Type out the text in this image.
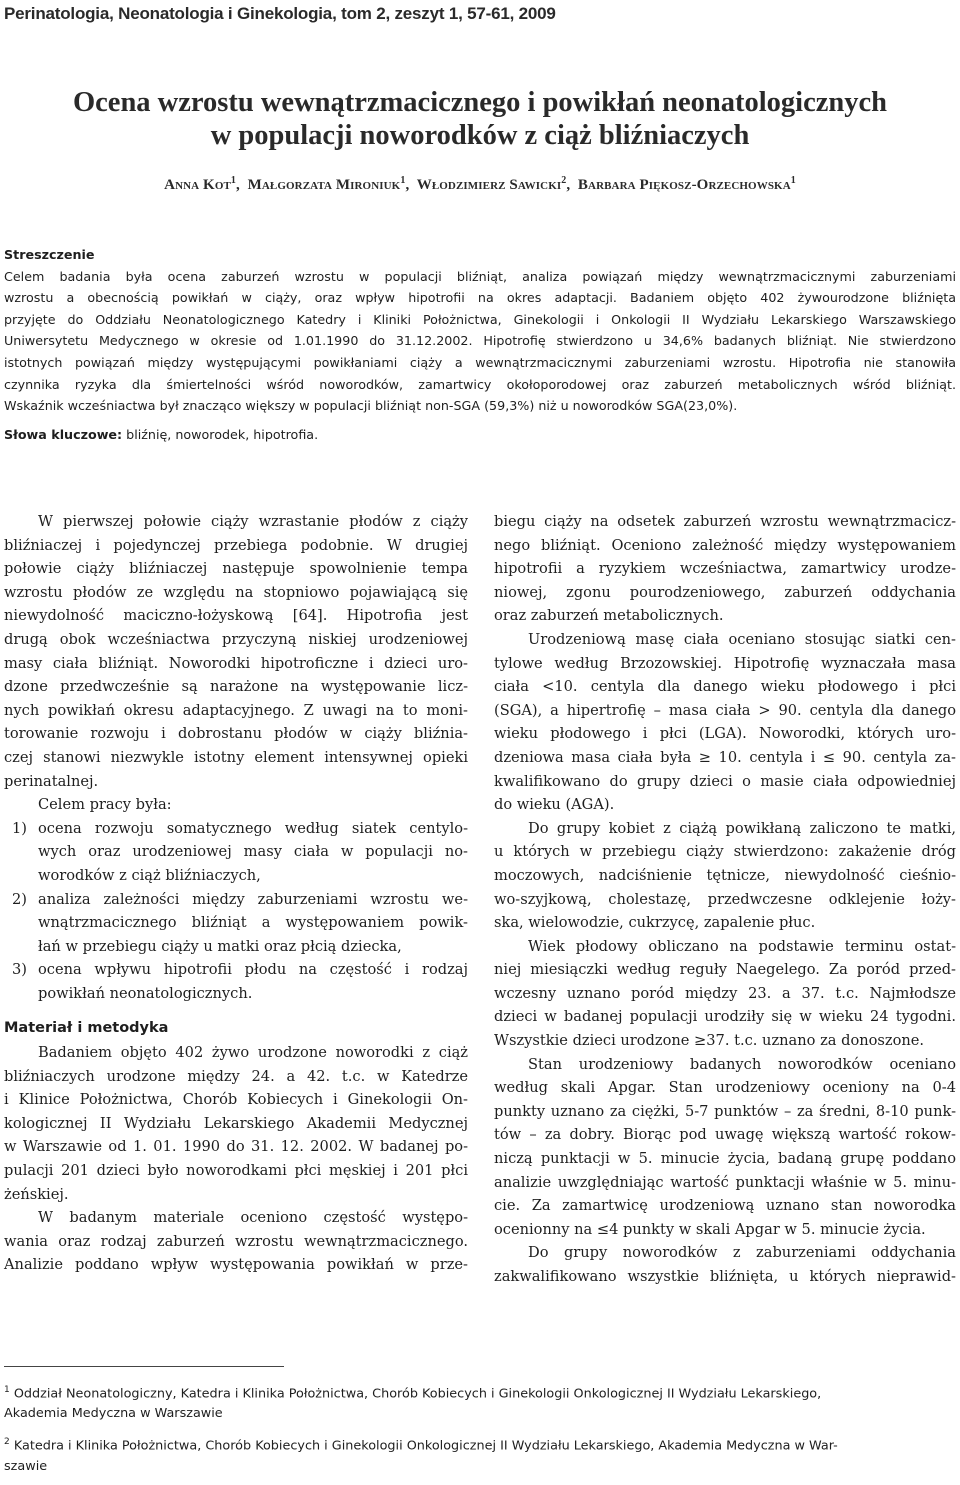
Perinatologia, Neonatologia i Ginekologia, tom 2, zeszyt 1, 57-61, 2009
Ocena wzrostu wewnątrzmacicznego i powikłań neonatologicznych
w populacji noworodków z ciąż bliźniaczych
Anna Kot$^1$,  Małgorzata Mironiuk$^1$,  Włodzimierz Sawicki$^2$,  Barbara Piękosz-Orzechowska$^1$
Streszczenie
Celem badania była ocena zaburzeń wzrostu w populacji bliźniąt, analiza powiązań między wewnątrzmacicznymi zaburzeniami
wzrostu a obecnością powikłań w ciąży, oraz wpływ hipotrofii na okres adaptacji. Badaniem objęto 402 żywourodzone bliźnięta
przyjęte do Oddziału Neonatologicznego Katedry i Kliniki Położnictwa, Ginekologii i Onkologii II Wydziału Lekarskiego Warszawskiego
Uniwersytetu Medycznego w okresie od 1.01.1990 do 31.12.2002. Hipotrofię stwierdzono u 34,6% badanych bliźniąt. Nie stwierdzono
istotnych powiązań między występującymi powikłaniami ciąży a wewnątrzmacicznymi zaburzeniami wzrostu. Hipotrofia nie stanowiła
czynnika ryzyka dla śmiertelności wśród noworodków, zamartwicy okołoporodowej oraz zaburzeń metabolicznych wśród bliźniąt.
Wskaźnik wcześniactwa był znacząco większy w populacji bliźniąt non-SGA (59,3%) niż u noworodków SGA(23,0%).
Słowa kluczowe: bliźnię, noworodek, hipotrofia.
W pierwszej połowie ciąży wzrastanie płodów z ciąży
bliźniaczej i pojedynczej przebiega podobnie. W drugiej
połowie ciąży bliźniaczej następuje spowolnienie tempa
wzrostu płodów ze względu na stopniowo pojawiającą się
niewydolność maciczno-łożyskową [64]. Hipotrofia jest
drugą obok wcześniactwa przyczyną niskiej urodzeniowej
masy ciała bliźniąt. Noworodki hipotroficzne i dzieci uro-
dzone przedwcześnie są narażone na występowanie licz-
nych powikłań okresu adaptacyjnego. Z uwagi na to moni-
torowanie rozwoju i dobrostanu płodów w ciąży bliźnia-
czej stanowi niezwykle istotny element intensywnej opieki
perinatalnej.
Celem pracy była:
1) ocena rozwoju somatycznego według siatek centylo-
wych oraz urodzeniowej masy ciała w populacji no-
worodków z ciąż bliźniaczych,
2) analiza zależności między zaburzeniami wzrostu we-
wnątrzmacicznego bliźniąt a występowaniem powik-
łań w przebiegu ciąży u matki oraz płcią dziecka,
3) ocena wpływu hipotrofii płodu na częstość i rodzaj
powikłań neonatologicznych.
Materiał i metodyka
Badaniem objęto 402 żywo urodzone noworodki z ciąż
bliźniaczych urodzone między 24. a 42. t.c. w Katedrze
i Klinice Położnictwa, Chorób Kobiecych i Ginekologii On-
kologicznej II Wydziału Lekarskiego Akademii Medycznej
w Warszawie od 1. 01. 1990 do 31. 12. 2002. W badanej po-
pulacji 201 dzieci było noworodkami płci męskiej i 201 płci
żeńskiej.
W badanym materiale oceniono częstość występo-
wania oraz rodzaj zaburzeń wzrostu wewnątrzmacicznego.
Analizie poddano wpływ występowania powikłań w prze-
biegu ciąży na odsetek zaburzeń wzrostu wewnątrzmacicz-
nego bliźniąt. Oceniono zależność między występowaniem
hipotrofii a ryzykiem wcześniactwa, zamartwicy urodze-
niowej, zgonu pourodzeniowego, zaburzeń oddychania
oraz zaburzeń metabolicznych.
Urodzeniową masę ciała oceniano stosując siatki cen-
tylowe według Brzozowskiej. Hipotrofię wyznaczała masa
ciała <10. centyla dla danego wieku płodowego i płci
(SGA), a hipertrofię – masa ciała > 90. centyla dla danego
wieku płodowego i płci (LGA). Noworodki, których uro-
dzeniowa masa ciała była ≥ 10. centyla i ≤ 90. centyla za-
kwalifikowano do grupy dzieci o masie ciała odpowiedniej
do wieku (AGA).
Do grupy kobiet z ciążą powikłaną zaliczono te matki,
u których w przebiegu ciąży stwierdzono: zakażenie dróg
moczowych, nadciśnienie tętnicze, niewydolność cieśnio-
wo-szyjkową, cholestazę, przedwczesne odklejenie łoży-
ska, wielowodzie, cukrzycę, zapalenie płuc.
Wiek płodowy obliczano na podstawie terminu ostat-
niej miesiączki według reguły Naegelego. Za poród przed-
wczesny uznano poród między 23. a 37. t.c. Najmłodsze
dzieci w badanej populacji urodziły się w wieku 24 tygodni.
Wszystkie dzieci urodzone ≥37. t.c. uznano za donoszone.
Stan urodzeniowy badanych noworodków oceniano
według skali Apgar. Stan urodzeniowy oceniony na 0-4
punkty uznano za ciężki, 5-7 punktów – za średni, 8-10 punk-
tów – za dobry. Biorąc pod uwagę większą wartość rokow-
niczą punktacji w 5. minucie życia, badaną grupę poddano
analizie uwzględniając wartość punktacji właśnie w 5. minu-
cie. Za zamartwicę urodzeniową uznano stan noworodka
ocenionny na ≤4 punkty w skali Apgar w 5. minucie życia.
Do grupy noworodków z zaburzeniami oddychania
zakwalifikowano wszystkie bliźnięta, u których nieprawid-
$^1$ Oddział Neonatologiczny, Katedra i Klinika Położnictwa, Chorób Kobiecych i Ginekologii Onkologicznej II Wydziału Lekarskiego,
Akademia Medyczna w Warszawie
$^2$ Katedra i Klinika Położnictwa, Chorób Kobiecych i Ginekologii Onkologicznej II Wydziału Lekarskiego, Akademia Medyczna w War-
szawie
